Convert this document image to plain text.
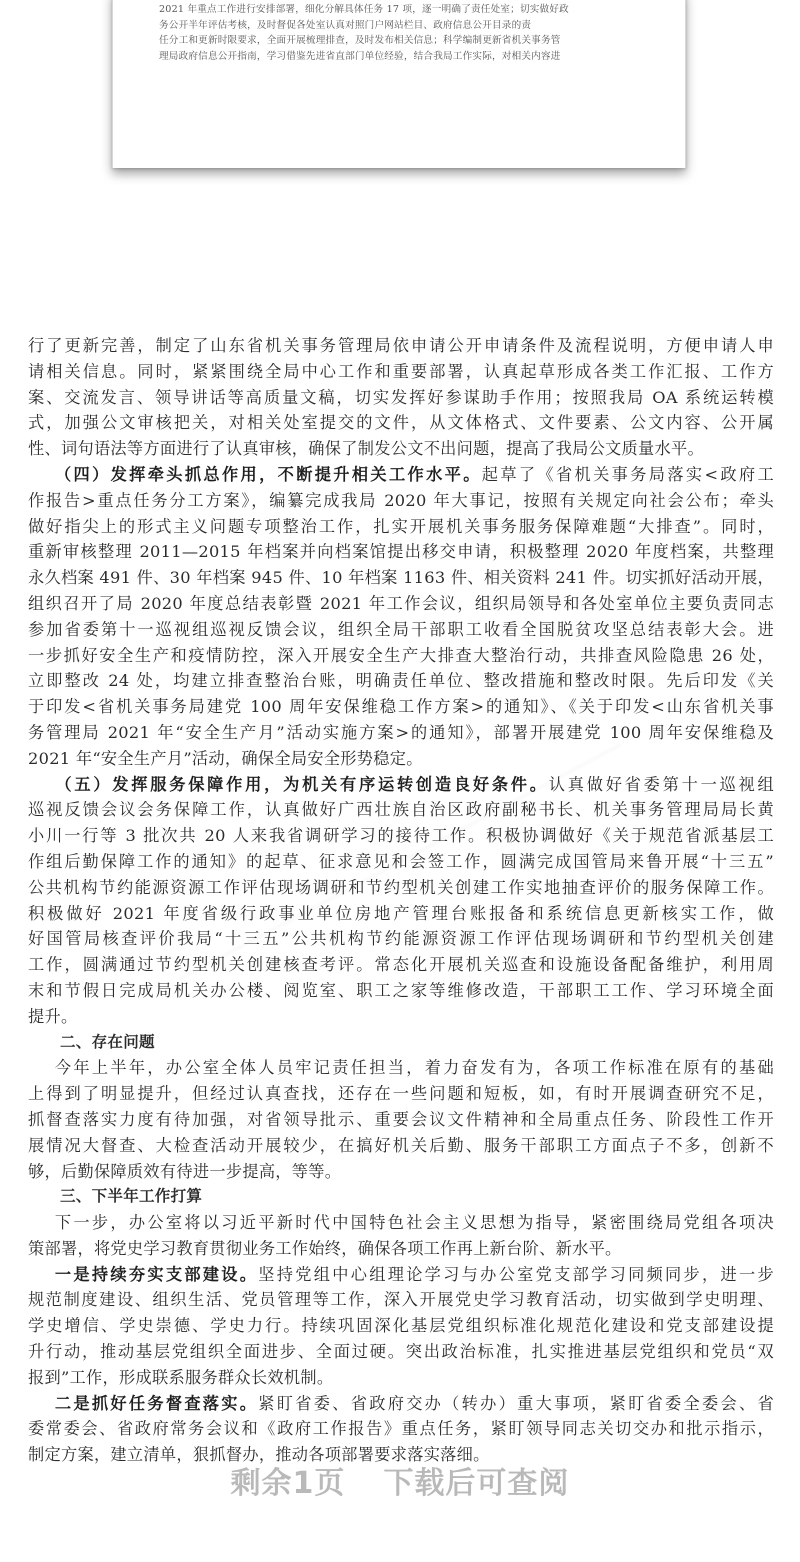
2021 年重点工作进行安排部署，细化分解具体任务 17 项，逐一明确了责任处室；切实做好政
务公开半年评估考核，及时督促各处室认真对照门户网站栏目、政府信息公开目录的责
任分工和更新时限要求，全面开展梳理排查，及时发布相关信息；科学编制更新省机关事务管
理局政府信息公开指南，学习借鉴先进省直部门单位经验，结合我局工作实际，对相关内容进
行了更新完善，制定了山东省机关事务管理局依申请公开申请条件及流程说明，方便申请人申
请相关信息。同时，紧紧围绕全局中心工作和重要部署，认真起草形成各类工作汇报、工作方
案、交流发言、领导讲话等高质量文稿，切实发挥好参谋助手作用；按照我局 OA 系统运转模
式，加强公文审核把关，对相关处室提交的文件，从文体格式、文件要素、公文内容、公开属
性、词句语法等方面进行了认真审核，确保了制发公文不出问题，提高了我局公文质量水平。
  （四）发挥牵头抓总作用，不断提升相关工作水平。起草了《省机关事务局落实<政府工
作报告>重点任务分工方案》，编纂完成我局 2020 年大事记，按照有关规定向社会公布；牵头
做好指尖上的形式主义问题专项整治工作，扎实开展机关事务服务保障难题“大排查”。同时，
重新审核整理 2011—2015 年档案并向档案馆提出移交申请，积极整理 2020 年度档案，共整理
永久档案 491 件、30 年档案 945 件、10 年档案 1163 件、相关资料 241 件。切实抓好活动开展，
组织召开了局 2020 年度总结表彰暨 2021 年工作会议，组织局领导和各处室单位主要负责同志
参加省委第十一巡视组巡视反馈会议，组织全局干部职工收看全国脱贫攻坚总结表彰大会。进
一步抓好安全生产和疫情防控，深入开展安全生产大排查大整治行动，共排查风险隐患 26 处，
立即整改 24 处，均建立排查整治台账，明确责任单位、整改措施和整改时限。先后印发《关
于印发<省机关事务局建党 100 周年安保维稳工作方案>的通知》、《关于印发<山东省机关事
务管理局 2021 年“安全生产月”活动实施方案>的通知》，部署开展建党 100 周年安保维稳及
2021 年“安全生产月”活动，确保全局安全形势稳定。
  （五）发挥服务保障作用，为机关有序运转创造良好条件。认真做好省委第十一巡视组
巡视反馈会议会务保障工作，认真做好广西壮族自治区政府副秘书长、机关事务管理局局长黄
小川一行等 3 批次共 20 人来我省调研学习的接待工作。积极协调做好《关于规范省派基层工
作组后勤保障工作的通知》的起草、征求意见和会签工作，圆满完成国管局来鲁开展“十三五”
公共机构节约能源资源工作评估现场调研和节约型机关创建工作实地抽查评价的服务保障工作。
积极做好 2021 年度省级行政事业单位房地产管理台账报备和系统信息更新核实工作，做
好国管局核查评价我局“十三五”公共机构节约能源资源工作评估现场调研和节约型机关创建
工作，圆满通过节约型机关创建核查考评。常态化开展机关巡查和设施设备配备维护，利用周
末和节假日完成局机关办公楼、阅览室、职工之家等维修改造，干部职工工作、学习环境全面
提升。
二、存在问题
  今年上半年，办公室全体人员牢记责任担当，着力奋发有为，各项工作标准在原有的基础
上得到了明显提升，但经过认真查找，还存在一些问题和短板，如，有时开展调查研究不足，
抓督查落实力度有待加强，对省领导批示、重要会议文件精神和全局重点任务、阶段性工作开
展情况大督查、大检查活动开展较少，在搞好机关后勤、服务干部职工方面点子不多，创新不
够，后勤保障质效有待进一步提高，等等。
三、下半年工作打算
  下一步，办公室将以习近平新时代中国特色社会主义思想为指导，紧密围绕局党组各项决
策部署，将党史学习教育贯彻业务工作始终，确保各项工作再上新台阶、新水平。
  一是持续夯实支部建设。坚持党组中心组理论学习与办公室党支部学习同频同步，进一步
规范制度建设、组织生活、党员管理等工作，深入开展党史学习教育活动，切实做到学史明理、
学史增信、学史崇德、学史力行。持续巩固深化基层党组织标准化规范化建设和党支部建设提
升行动，推动基层党组织全面进步、全面过硬。突出政治标准，扎实推进基层党组织和党员“双
报到”工作，形成联系服务群众长效机制。
  二是抓好任务督查落实。紧盯省委、省政府交办（转办）重大事项，紧盯省委全委会、省
委常委会、省政府常务会议和《政府工作报告》重点任务，紧盯领导同志关切交办和批示指示，
制定方案，建立清单，狠抓督办，推动各项部署要求落实落细。
剩余1页 下载后可查阅
